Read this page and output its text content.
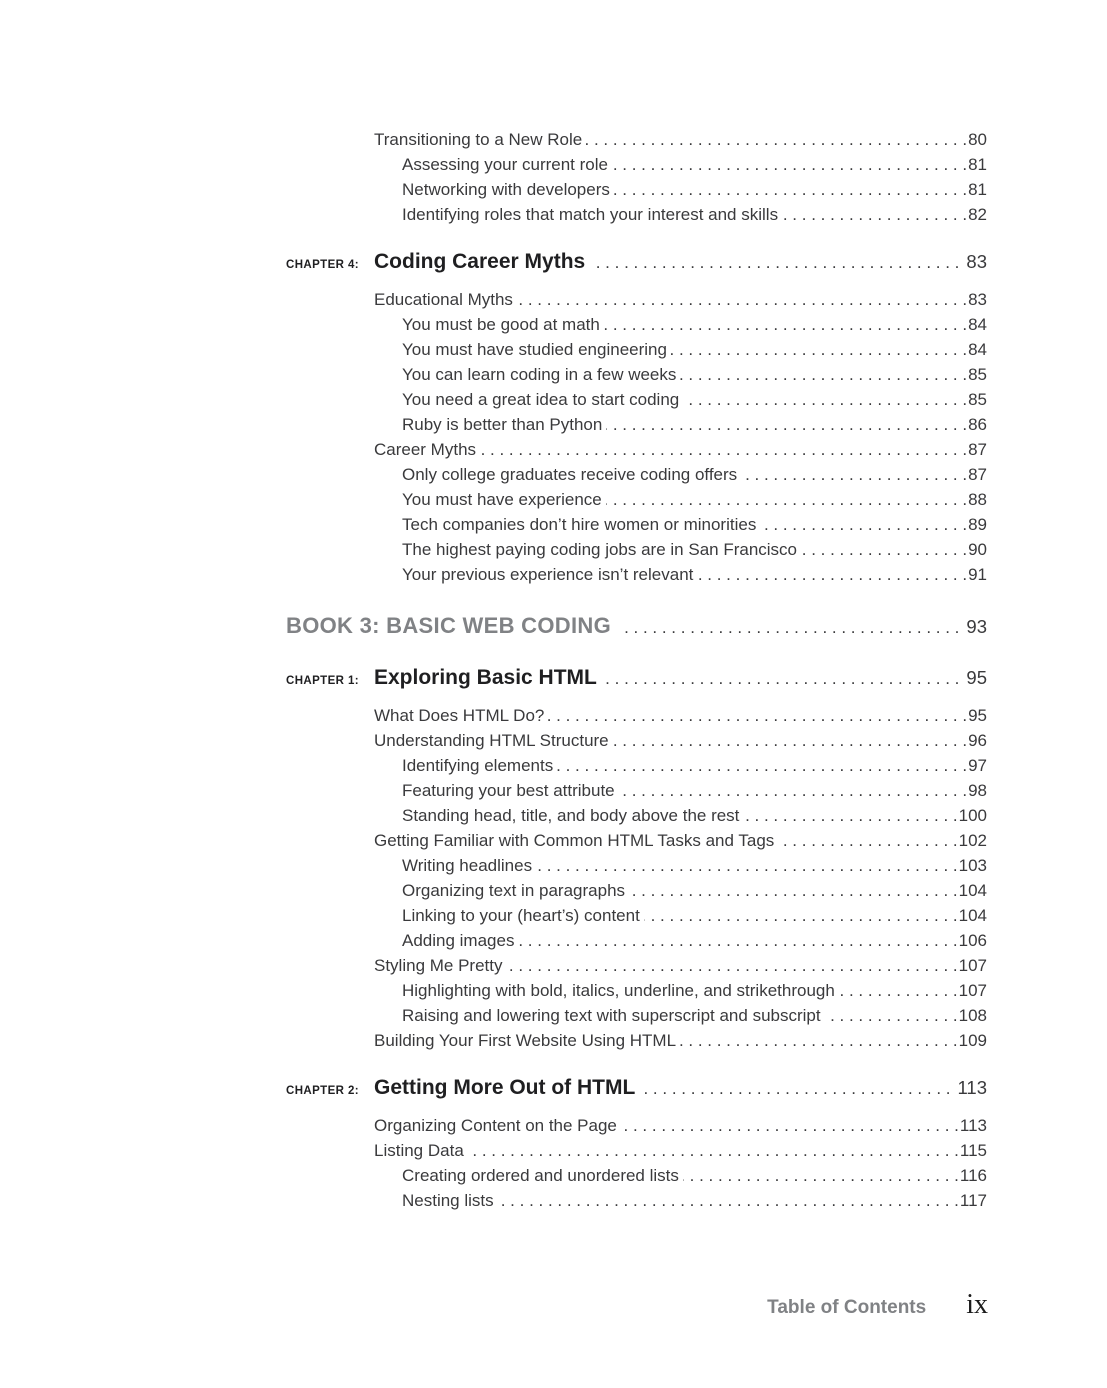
Transitioning to a New Role . . .	80
Assessing your current role . . .	81
Networking with developers . . .	81
Identifying roles that match your interest and skills . . .	82
CHAPTER 4: Coding Career Myths . . .	83
Educational Myths . . .	83
You must be good at math . . .	84
You must have studied engineering . . .	84
You can learn coding in a few weeks . . .	85
You need a great idea to start coding . . .	85
Ruby is better than Python . . .	86
Career Myths . . .	87
Only college graduates receive coding offers . . .	87
You must have experience . . .	88
Tech companies don’t hire women or minorities . . .	89
The highest paying coding jobs are in San Francisco . . .	90
Your previous experience isn’t relevant . . .	91
BOOK 3: BASIC WEB CODING . . .	93
CHAPTER 1: Exploring Basic HTML . . .	95
What Does HTML Do? . . .	95
Understanding HTML Structure . . .	96
Identifying elements . . .	97
Featuring your best attribute . . .	98
Standing head, title, and body above the rest . . .	100
Getting Familiar with Common HTML Tasks and Tags . . .	102
Writing headlines . . .	103
Organizing text in paragraphs . . .	104
Linking to your (heart’s) content . . .	104
Adding images . . .	106
Styling Me Pretty . . .	107
Highlighting with bold, italics, underline, and strikethrough . . .	107
Raising and lowering text with superscript and subscript . . .	108
Building Your First Website Using HTML . . .	109
CHAPTER 2: Getting More Out of HTML . . .	113
Organizing Content on the Page . . .	113
Listing Data . . .	115
Creating ordered and unordered lists . . .	116
Nesting lists . . .	117
Table of Contents ix
